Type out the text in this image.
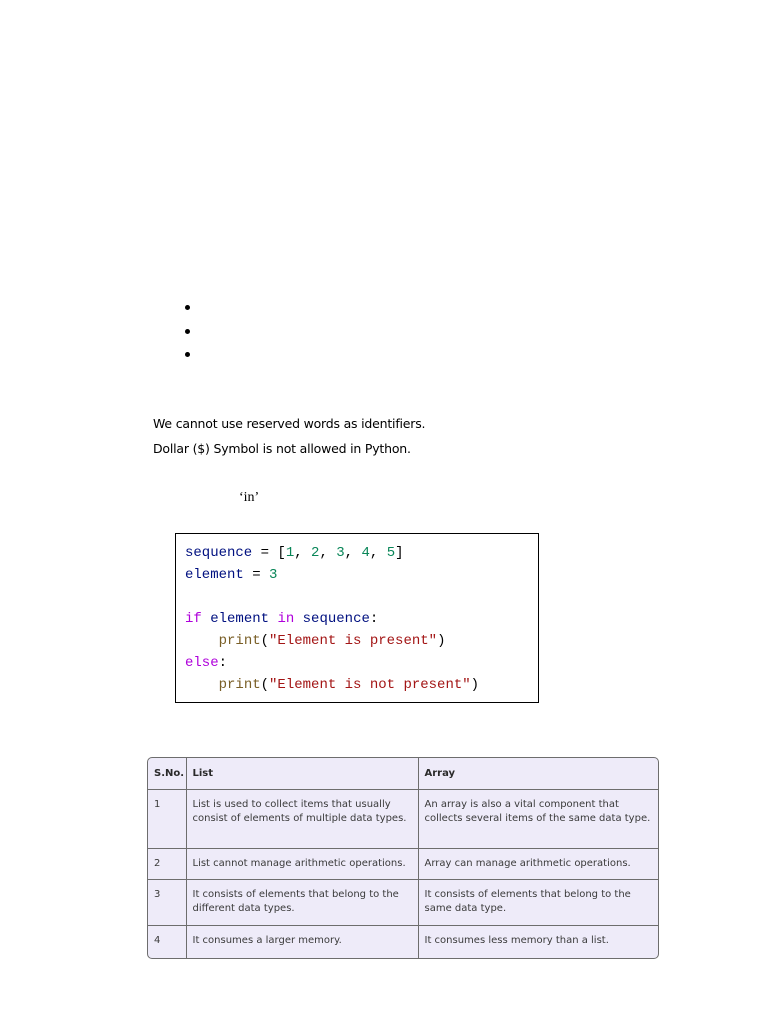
We cannot use reserved words as identifiers.

Dollar ($) Symbol is not allowed in Python.

‘in’
sequence = [1, 2, 3, 4, 5]
element = 3

if element in sequence:
print("Element is present")
else:
print("Element is not present")
S.No.	List	Array
1	List is used to collect items that usually consist of elements of multiple data types.	An array is also a vital component that collects several items of the same data type.
2	List cannot manage arithmetic operations.	Array can manage arithmetic operations.
3	It consists of elements that belong to the different data types.	It consists of elements that belong to the same data type.
4	It consumes a larger memory.	It consumes less memory than a list.
